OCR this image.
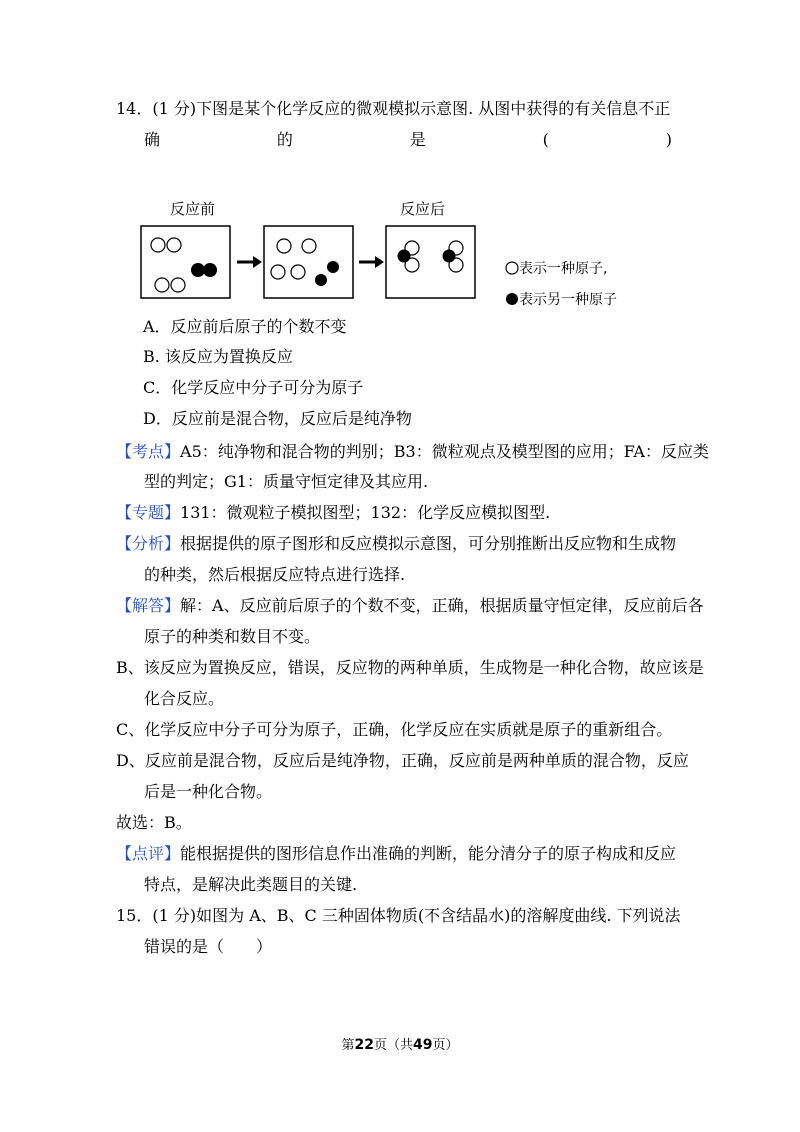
14．(1 分)下图是某个化学反应的微观模拟示意图. 从图中获得的有关信息不正
确	的	是	(	)
反应前	反应后
表示一种原子,
表示另一种原子
A．反应前后原子的个数不变
B. 该反应为置换反应
C．化学反应中分子可分为原子
D．反应前是混合物，反应后是纯净物
【考点】A5：纯净物和混合物的判别；B3：微粒观点及模型图的应用；FA：反应类
型的判定；G1：质量守恒定律及其应用.
【专题】131：微观粒子模拟图型；132：化学反应模拟图型.
【分析】根据提供的原子图形和反应模拟示意图，可分别推断出反应物和生成物
的种类，然后根据反应特点进行选择.
【解答】解：A、反应前后原子的个数不变，正确，根据质量守恒定律，反应前后各
原子的种类和数目不变。
B、该反应为置换反应，错误，反应物的两种单质，生成物是一种化合物，故应该是
化合反应。
C、化学反应中分子可分为原子，正确，化学反应在实质就是原子的重新组合。
D、反应前是混合物，反应后是纯净物，正确，反应前是两种单质的混合物，反应
后是一种化合物。
故选：B。
【点评】能根据提供的图形信息作出准确的判断，能分清分子的原子构成和反应
特点，是解决此类题目的关键.
15．(1 分)如图为 A、B、C 三种固体物质(不含结晶水)的溶解度曲线. 下列说法
错误的是（　　）
第22页（共49页）
